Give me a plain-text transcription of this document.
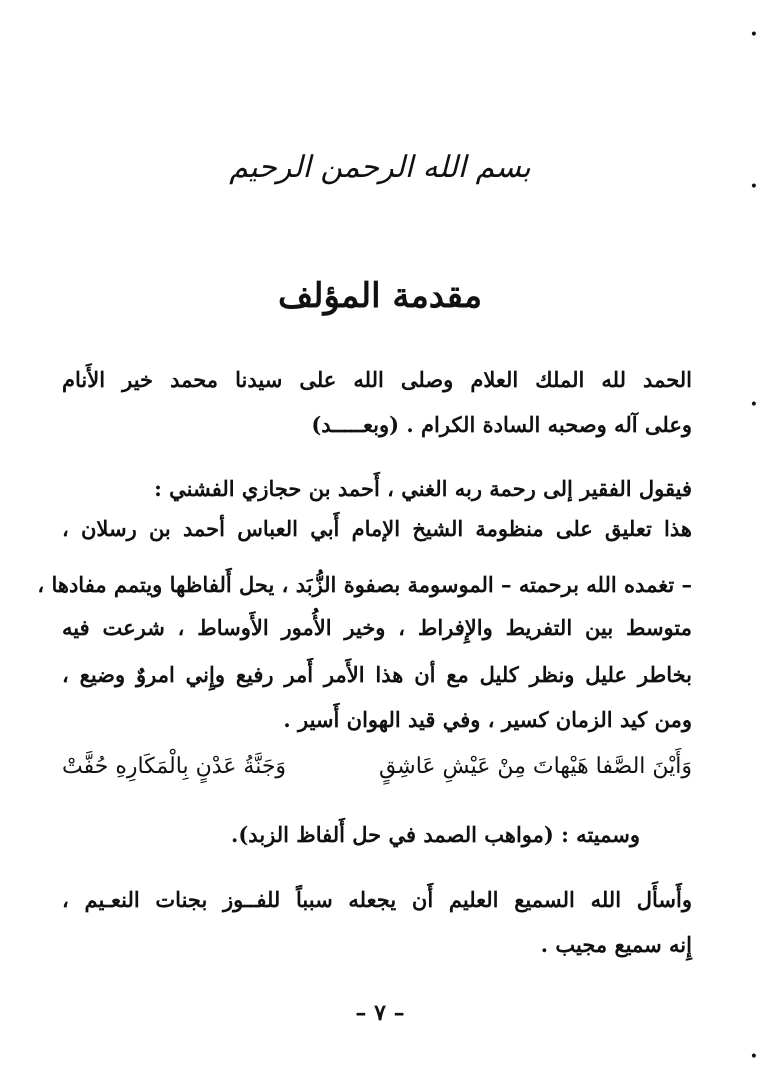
بسم الله الرحمن الرحيم
مقدمة المؤلف
الحمد لله الملك العلام وصلى الله على سيدنا محمد خير الأَنام
وعلى آله وصحبه السادة الكرام . (وبعـــــد)
فيقول الفقير إلى رحمة ربه الغني ، أَحمد بن حجازي الفشني :
هذا تعليق على منظومة الشيخ الإمام أَبي العباس أحمد بن رسلان ،
– تغمده الله برحمته – الموسومة بصفوة الزُّبَد ، يحل أَلفاظها ويتمم مفادها ،
متوسط بين التفريط والإِفراط ، وخير الأُمور الأَوساط ، شرعت فيه
بخاطر عليل ونظر كليل مع أن هذا الأَمر أَمر رفيع وإِني امروٌ وضيع ،
ومن كيد الزمان كسير ، وفي قيد الهوان أَسير .
وَأَيْنَ الصَّفا هَيْهاتَ مِنْ عَيْشِ عَاشِقٍ
وَجَنَّةُ عَدْنٍ بِالْمَكَارِهِ حُفَّتْ
وسميته : (مواهب الصمد في حل أَلفاظ الزبد).
وأَسأَل الله السميع العليم أَن يجعله سبباً للفــوز بجنات النعـيم ،
إِنه سميع مجيب .
– ٧ –
•
•
•
•
